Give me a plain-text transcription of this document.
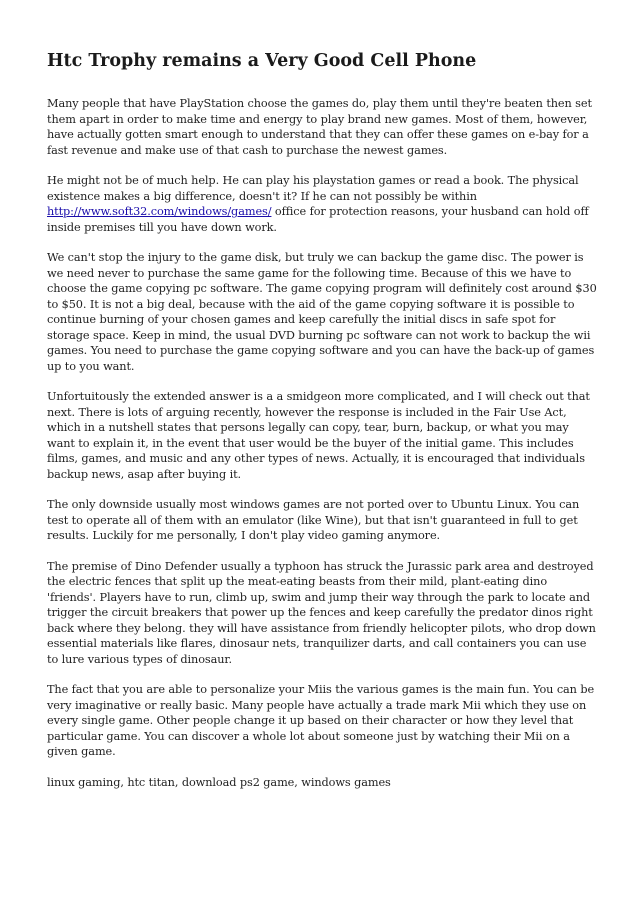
Htc Trophy remains a Very Good Cell Phone

Many people that have PlayStation choose the games do, play them until they're beaten then set them apart in order to make time and energy to play brand new games. Most of them, however, have actually gotten smart enough to understand that they can offer these games on e-bay for a fast revenue and make use of that cash to purchase the newest games.

He might not be of much help. He can play his playstation games or read a book. The physical existence makes a big difference, doesn't it? If he can not possibly be within http://www.soft32.com/windows/games/ office for protection reasons, your husband can hold off inside premises till you have down work.

We can't stop the injury to the game disk, but truly we can backup the game disc. The power is we need never to purchase the same game for the following time. Because of this we have to choose the game copying pc software. The game copying program will definitely cost around $30 to $50. It is not a big deal, because with the aid of the game copying software it is possible to continue burning of your chosen games and keep carefully the initial discs in safe spot for storage space. Keep in mind, the usual DVD burning pc software can not work to backup the wii games. You need to purchase the game copying software and you can have the back-up of games up to you want.

Unfortuitously the extended answer is a a smidgeon more complicated, and I will check out that next. There is lots of arguing recently, however the response is included in the Fair Use Act, which in a nutshell states that persons legally can copy, tear, burn, backup, or what you may want to explain it, in the event that user would be the buyer of the initial game. This includes films, games, and music and any other types of news. Actually, it is encouraged that individuals backup news, asap after buying it.

The only downside usually most windows games are not ported over to Ubuntu Linux. You can test to operate all of them with an emulator (like Wine), but that isn't guaranteed in full to get results. Luckily for me personally, I don't play video gaming anymore.

The premise of Dino Defender usually a typhoon has struck the Jurassic park area and destroyed the electric fences that split up the meat-eating beasts from their mild, plant-eating dino 'friends'. Players have to run, climb up, swim and jump their way through the park to locate and trigger the circuit breakers that power up the fences and keep carefully the predator dinos right back where they belong. they will have assistance from friendly helicopter pilots, who drop down essential materials like flares, dinosaur nets, tranquilizer darts, and call containers you can use to lure various types of dinosaur.

The fact that you are able to personalize your Miis the various games is the main fun. You can be very imaginative or really basic. Many people have actually a trade mark Mii which they use on every single game. Other people change it up based on their character or how they level that particular game. You can discover a whole lot about someone just by watching their Mii on a given game.

linux gaming, htc titan, download ps2 game, windows games
